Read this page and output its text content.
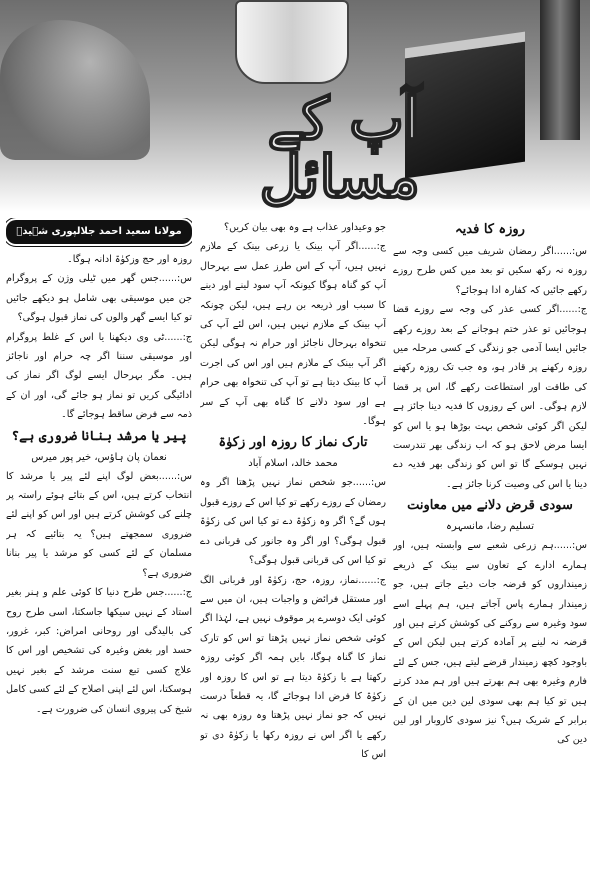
آپ کے مسائل

روزہ کا فدیہ

س:......اگر رمضان شریف میں کسی وجہ سے روزہ نہ رکھ سکیں تو بعد میں کس طرح روزے رکھے جائیں کہ کفارہ ادا ہوجائے؟

ج:......اگر کسی عذر کی وجہ سے روزے قضا ہوجائیں تو عذر ختم ہوجانے کے بعد روزے رکھے جائیں ایسا آدمی جو زندگی کے کسی مرحلہ میں روزہ رکھنے پر قادر ہو، وہ جب تک روزہ رکھنے کی طاقت اور استطاعت رکھے گا، اس پر قضا لازم ہوگی۔ اس کے روزوں کا فدیہ دینا جائز ہے لیکن اگر کوئی شخص بہت بوڑھا ہو یا اس کو ایسا مرض لاحق ہو کہ اب زندگی بھر تندرست نہیں ہوسکے گا تو اس کو زندگی بھر فدیہ دے دینا یا اس کی وصیت کرنا جائز ہے۔

سودی قرض دلانے میں معاونت

تسلیم رضا، مانسہرہ

س:......ہم زرعی شعبے سے وابستہ ہیں، اور ہمارے ادارے کے تعاون سے بینک کے ذریعے زمینداروں کو قرضہ جات دیئے جاتے ہیں، جو زمیندار ہمارے پاس آجاتے ہیں، ہم پہلے اسے سود وغیرہ سے روکنے کی کوشش کرتے ہیں اور قرضہ نہ لینے پر آمادہ کرتے ہیں لیکن اس کے باوجود کچھ زمیندار قرضے لیتے ہیں، جس کے لئے فارم وغیرہ بھی ہم بھرتے ہیں اور ہم مدد کرتے ہیں تو کیا ہم بھی سودی لین دین میں ان کے برابر کے شریک ہیں؟ نیز سودی کاروبار اور لین دین کی

جو وعیداور عذاب ہے وہ بھی بیان کریں؟

ج:......اگر آپ بینک یا زرعی بینک کے ملازم نہیں ہیں، آپ کے اس طرز عمل سے بہرحال آپ کو گناہ ہوگا کیونکہ آپ سود لینے اور دینے کا سبب اور ذریعہ بن رہے ہیں، لیکن چونکہ آپ بینک کے ملازم نہیں ہیں، اس لئے آپ کی تنخواہ بہرحال ناجائز اور حرام نہ ہوگی لیکن اگر آپ بینک کے ملازم ہیں اور اس کی اجرت آپ کا بینک دیتا ہے تو آپ کی تنخواہ بھی حرام ہے اور سود دلانے کا گناہ بھی آپ کے سر ہوگا۔

تارک نماز کا روزہ اور زکوٰۃ

محمد خالد، اسلام آباد

س:......جو شخص نماز نہیں پڑھتا اگر وہ رمضان کے روزے رکھے تو کیا اس کے روزے قبول ہوں گے؟ اگر وہ زکوٰۃ دے تو کیا اس کی زکوٰۃ قبول ہوگی؟ اور اگر وہ جانور کی قربانی دے تو کیا اس کی قربانی قبول ہوگی؟

ج:......نماز، روزہ، حج، زکوٰۃ اور قربانی الگ اور مستقل فرائض و واجبات ہیں، ان میں سے کوئی ایک دوسرے پر موقوف نہیں ہے، لہٰذا اگر کوئی شخص نماز نہیں پڑھتا تو اس کو تارک نماز کا گناہ ہوگا، بایں ہمہ اگر کوئی روزہ رکھتا ہے یا زکوٰۃ دیتا ہے تو اس کا روزہ اور زکوٰۃ کا فرض ادا ہوجائے گا، یہ قطعاً درست نہیں کہ جو نماز نہیں پڑھتا وہ روزہ بھی نہ رکھے یا اگر اس نے روزہ رکھا یا زکوٰۃ دی تو اس کا

مولانا سعید احمد جلالپوری شہیدؒ

روزہ اور حج وزکوٰۃ ادانہ ہوگا۔

س:......جس گھر میں ٹیلی وژن کے پروگرام جن میں موسیقی بھی شامل ہو دیکھے جائیں تو کیا ایسے گھر والوں کی نماز قبول ہوگی؟

ج:......ٹی وی دیکھنا یا اس کے غلط پروگرام اور موسیقی سننا اگر چہ حرام اور ناجائز ہیں۔ مگر بہرحال ایسے لوگ اگر نماز کی ادائیگی کریں تو نماز ہو جائے گی، اور ان کے ذمہ سے فرض ساقط ہوجائے گا۔

پیر یا مرشد بنانا ضروری ہے؟

نعمان پان ہاؤس، خیر پور میرس

س:......بعض لوگ اپنے لئے پیر یا مرشد کا انتخاب کرتے ہیں، اس کے بتائے ہوئے راستہ پر چلنے کی کوشش کرتے ہیں اور اس کو اپنے لئے ضروری سمجھتے ہیں؟ یہ بتائیے کہ ہر مسلمان کے لئے کسی کو مرشد یا پیر بنانا ضروری ہے؟

ج:......جس طرح دنیا کا کوئی علم و ہنر بغیر استاد کے نہیں سیکھا جاسکتا، اسی طرح روح کی بالیدگی اور روحانی امراض: کبر، غرور، حسد اور بغض وغیرہ کی تشخیص اور اس کا علاج کسی تبع سنت مرشد کے بغیر نہیں ہوسکتا، اس لئے اپنی اصلاح کے لئے کسی کامل شیخ کی پیروی انسان کی ضرورت ہے۔
